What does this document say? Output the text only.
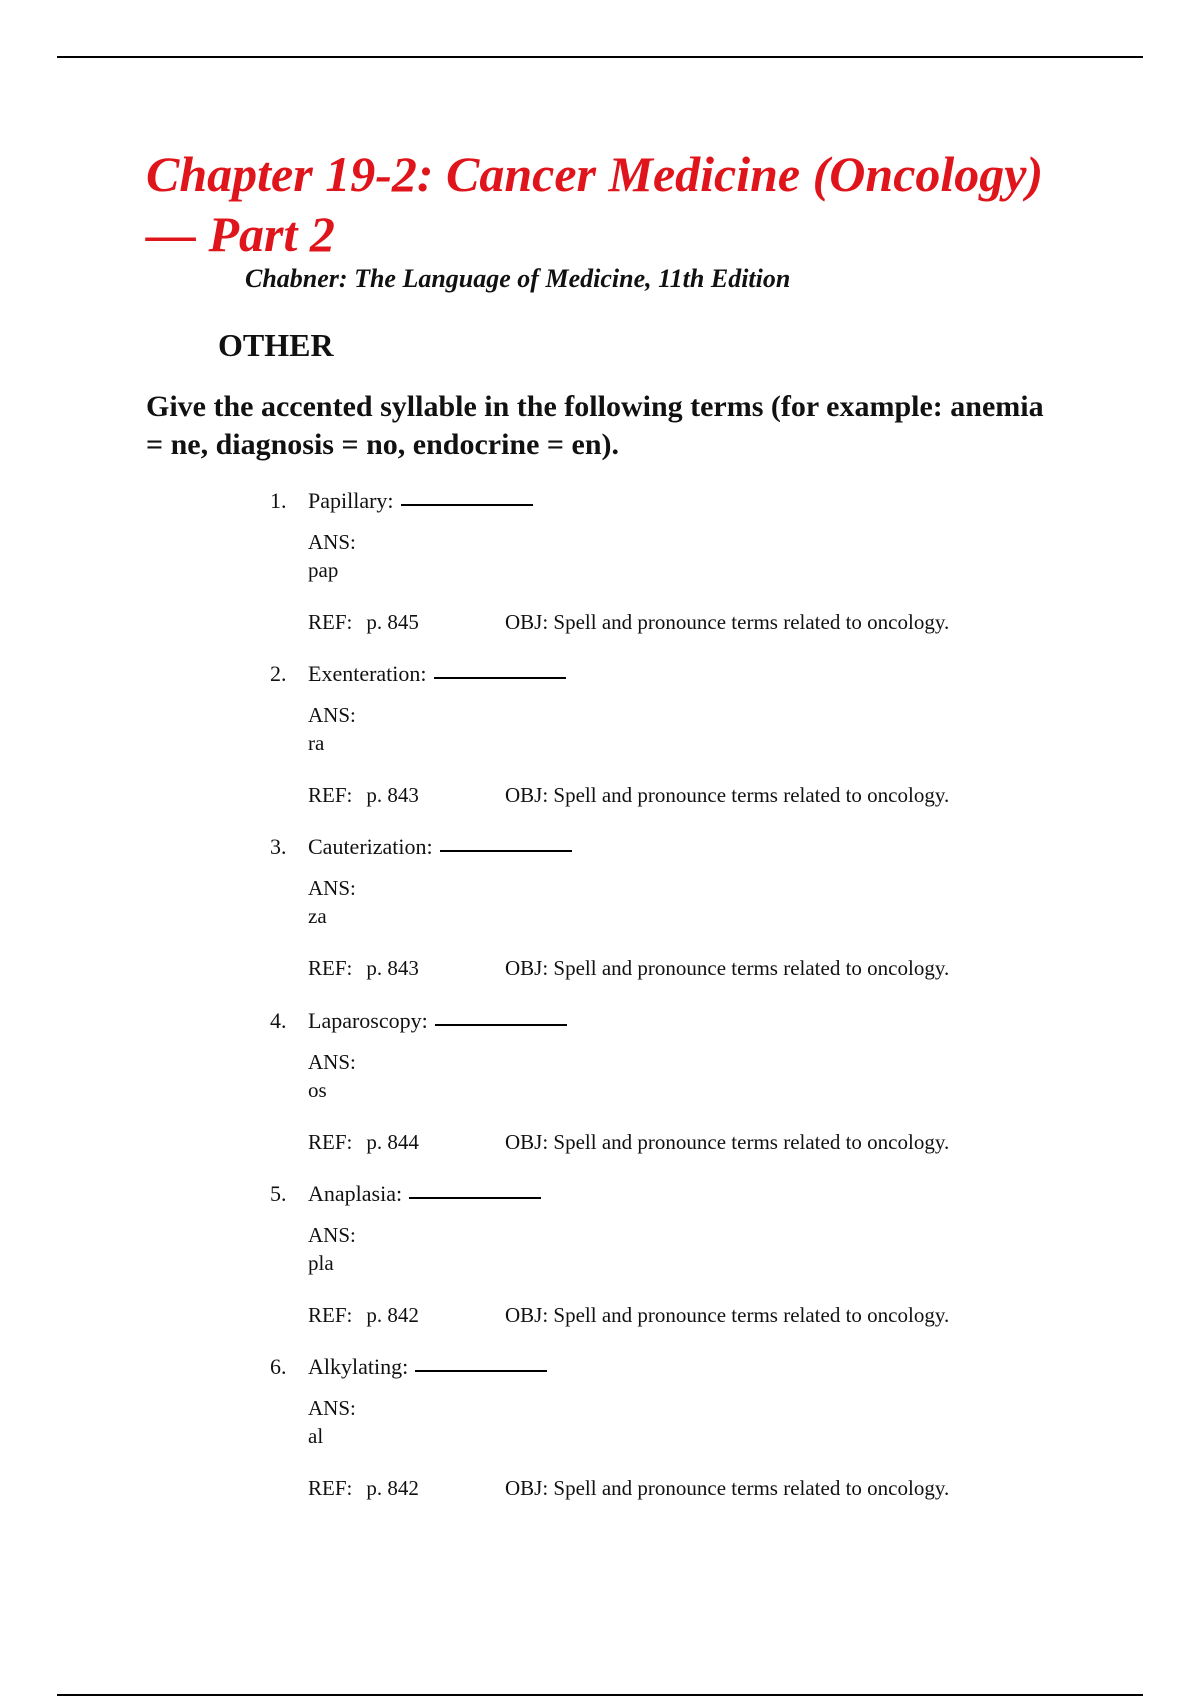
Chapter 19-2: Cancer Medicine (Oncology) — Part 2
Chabner: The Language of Medicine, 11th Edition
OTHER

Give the accented syllable in the following terms (for example: anemia = ne, diagnosis = no, endocrine = en).

1. Papillary:
ANS:
pap
REF: p. 845	OBJ: Spell and pronounce terms related to oncology.
2. Exenteration:
ANS:
ra
REF: p. 843	OBJ: Spell and pronounce terms related to oncology.
3. Cauterization:
ANS:
za
REF: p. 843	OBJ: Spell and pronounce terms related to oncology.
4. Laparoscopy:
ANS:
os
REF: p. 844	OBJ: Spell and pronounce terms related to oncology.
5. Anaplasia:
ANS:
pla
REF: p. 842	OBJ: Spell and pronounce terms related to oncology.
6. Alkylating:
ANS:
al
REF: p. 842	OBJ: Spell and pronounce terms related to oncology.
